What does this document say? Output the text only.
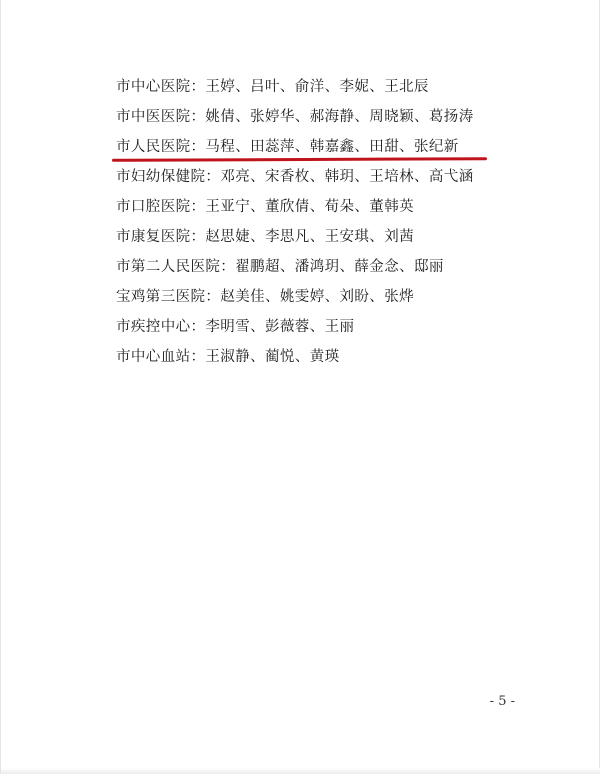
市中心医院：王婷、吕叶、俞洋、李妮、王北辰
市中医医院：姚倩、张婷华、郝海静、周晓颖、葛扬涛
市人民医院：马程、田蕊萍、韩嘉鑫、田甜、张纪新
市妇幼保健院：邓亮、宋香枚、韩玥、王培林、高弋涵
市口腔医院：王亚宁、董欣倩、荀朵、董韩英
市康复医院：赵思婕、李思凡、王安琪、刘茜
市第二人民医院：翟鹏超、潘鸿玥、薛金念、邸丽
宝鸡第三医院：赵美佳、姚雯婷、刘盼、张烨
市疾控中心：李明雪、彭薇蓉、王丽
市中心血站：王淑静、蔺悦、黄瑛
- 5 -
